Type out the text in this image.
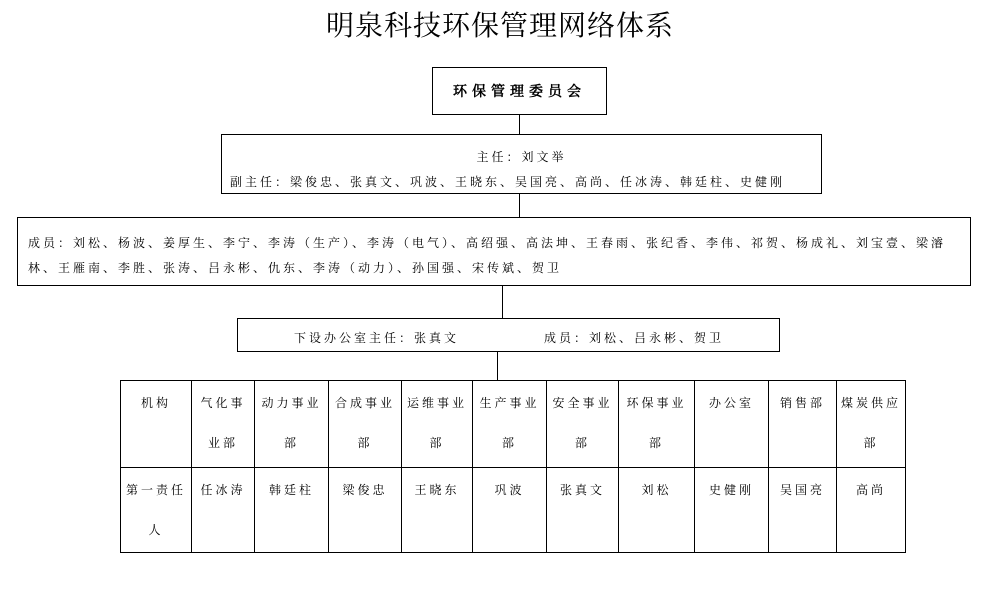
明泉科技环保管理网络体系
环保管理委员会
主任：刘文举
副主任：梁俊忠、张真文、巩波、王晓东、吴国亮、高尚、任冰涛、韩廷柱、史健刚
成员：刘松、杨波、姜厚生、李宁、李涛（生产）、李涛（电气）、高绍强、高法坤、王春雨、张纪香、李伟、祁贺、杨成礼、刘宝壹、梁濬林、王雁南、李胜、张涛、吕永彬、仇东、李涛（动力）、孙国强、宋传斌、贺卫
下设办公室主任：张真文	成员：刘松、吕永彬、贺卫
机构	气化事业部	动力事业部	合成事业部	运维事业部	生产事业部	安全事业部	环保事业部	办公室	销售部	煤炭供应部
第一责任人	任冰涛	韩廷柱	梁俊忠	王晓东	巩波	张真文	刘松	史健刚	吴国亮	高尚
